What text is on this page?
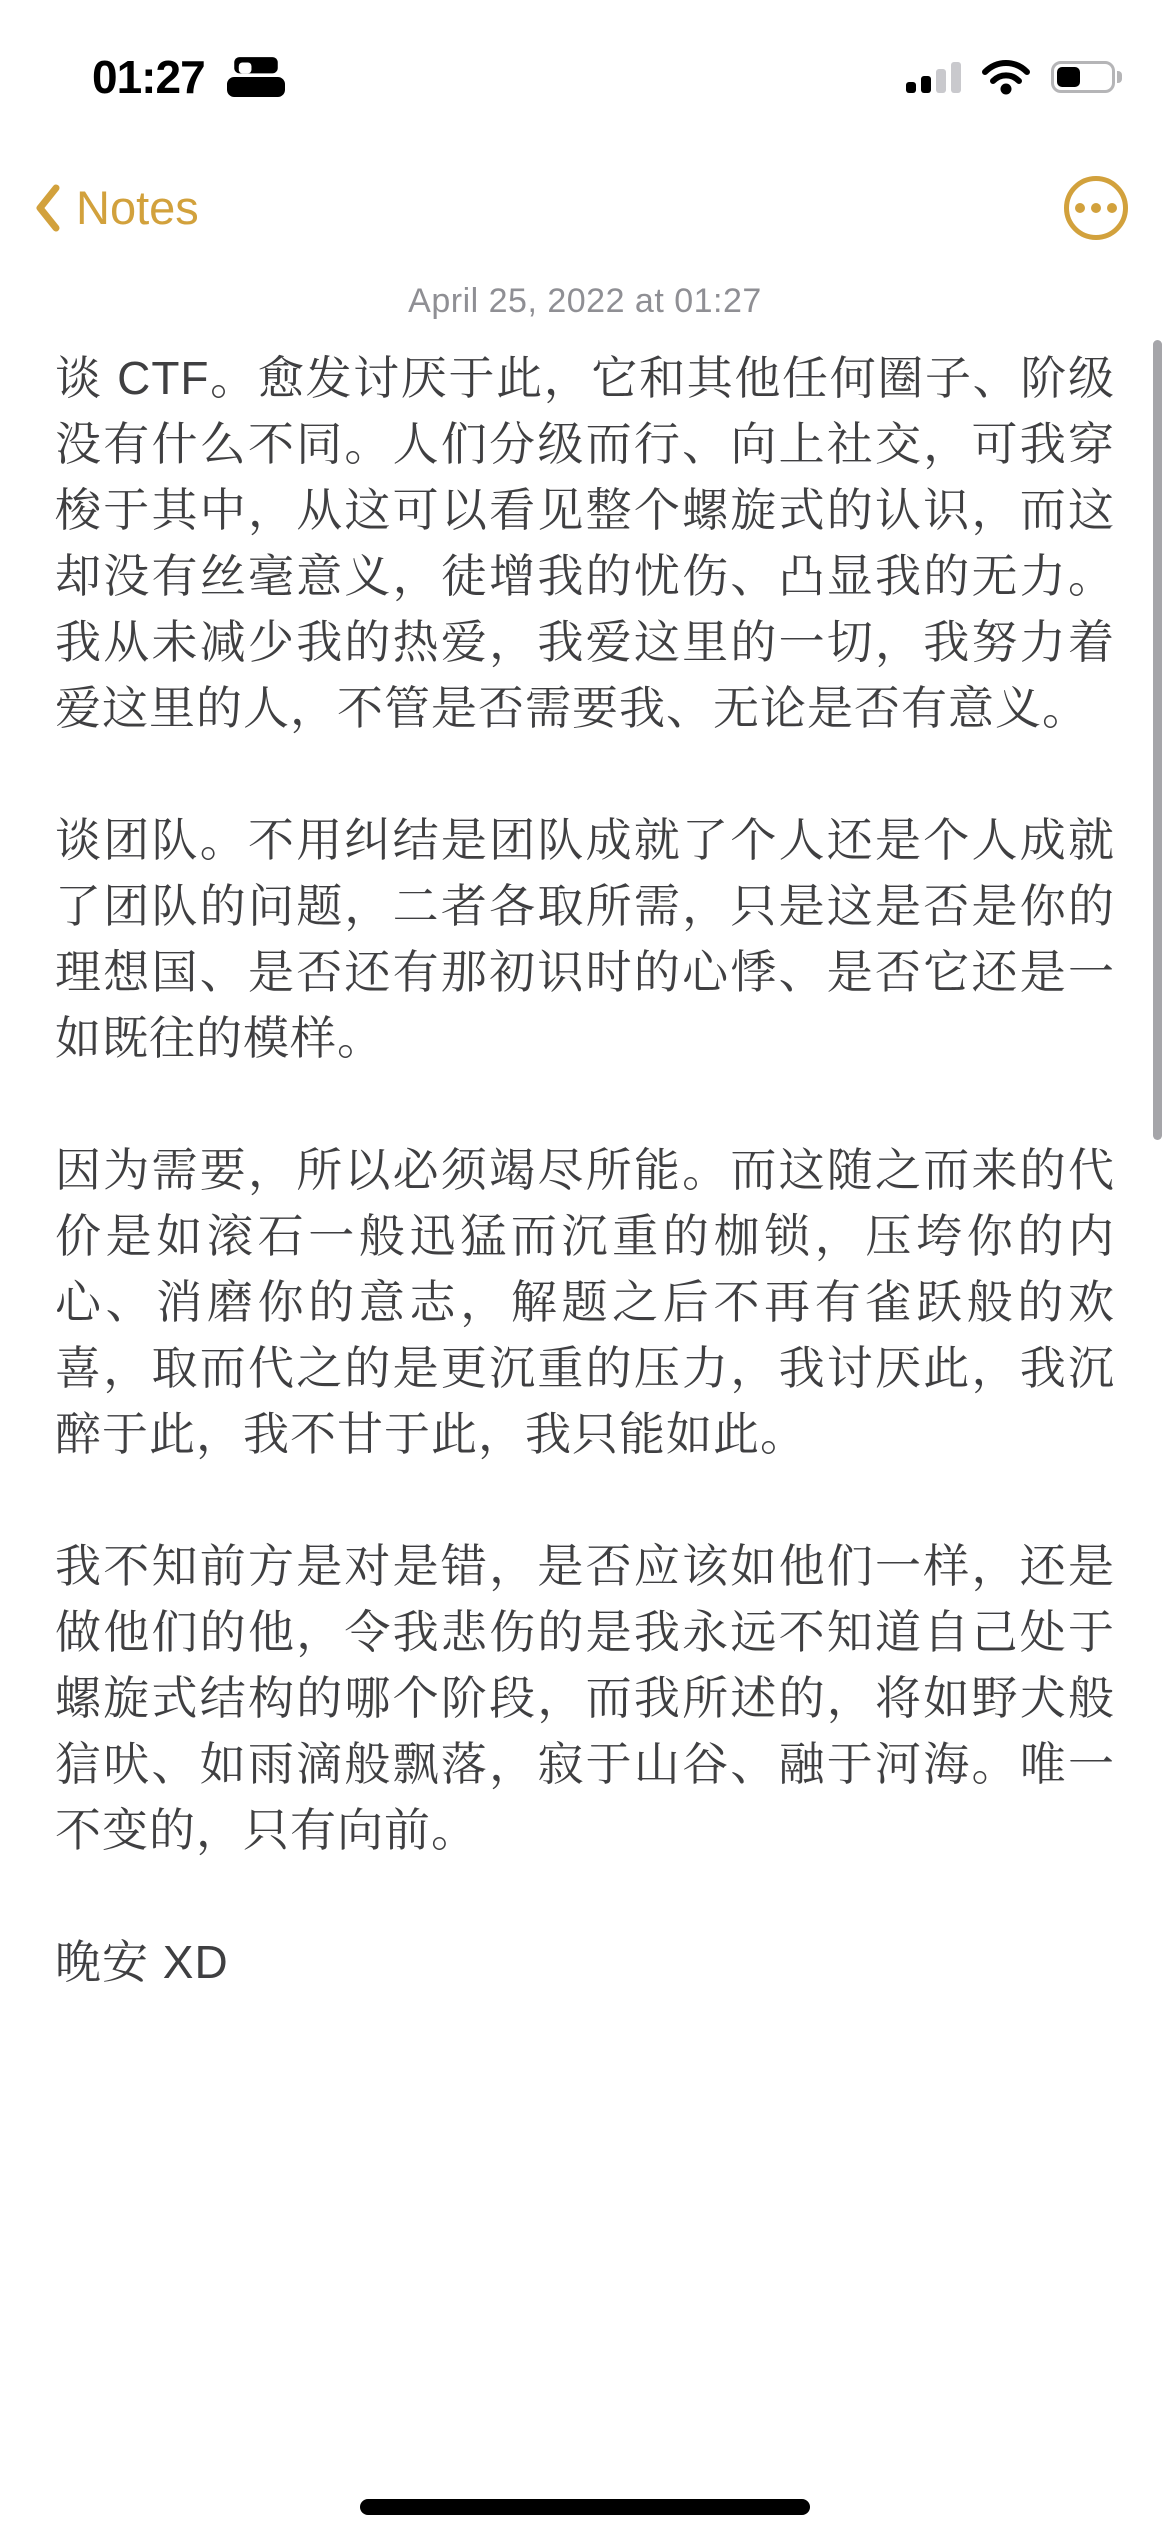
01:27
Notes
April 25, 2022 at 01:27

谈 CTF。愈发讨厌于此，它和其他任何圈子、阶级没有什么不同。人们分级而行、向上社交，可我穿梭于其中，从这可以看见整个螺旋式的认识，而这却没有丝毫意义，徒增我的忧伤、凸显我的无力。我从未减少我的热爱，我爱这里的一切，我努力着爱这里的人，不管是否需要我、无论是否有意义。

谈团队。不用纠结是团队成就了个人还是个人成就了团队的问题，二者各取所需，只是这是否是你的理想国、是否还有那初识时的心悸、是否它还是一如既往的模样。

因为需要，所以必须竭尽所能。而这随之而来的代价是如滚石一般迅猛而沉重的枷锁，压垮你的内心、消磨你的意志，解题之后不再有雀跃般的欢喜，取而代之的是更沉重的压力，我讨厌此，我沉醉于此，我不甘于此，我只能如此。

我不知前方是对是错，是否应该如他们一样，还是做他们的他，令我悲伤的是我永远不知道自己处于螺旋式结构的哪个阶段，而我所述的，将如野犬般狺吠、如雨滴般飘落，寂于山谷、融于河海。唯一不变的，只有向前。

晚安 XD
